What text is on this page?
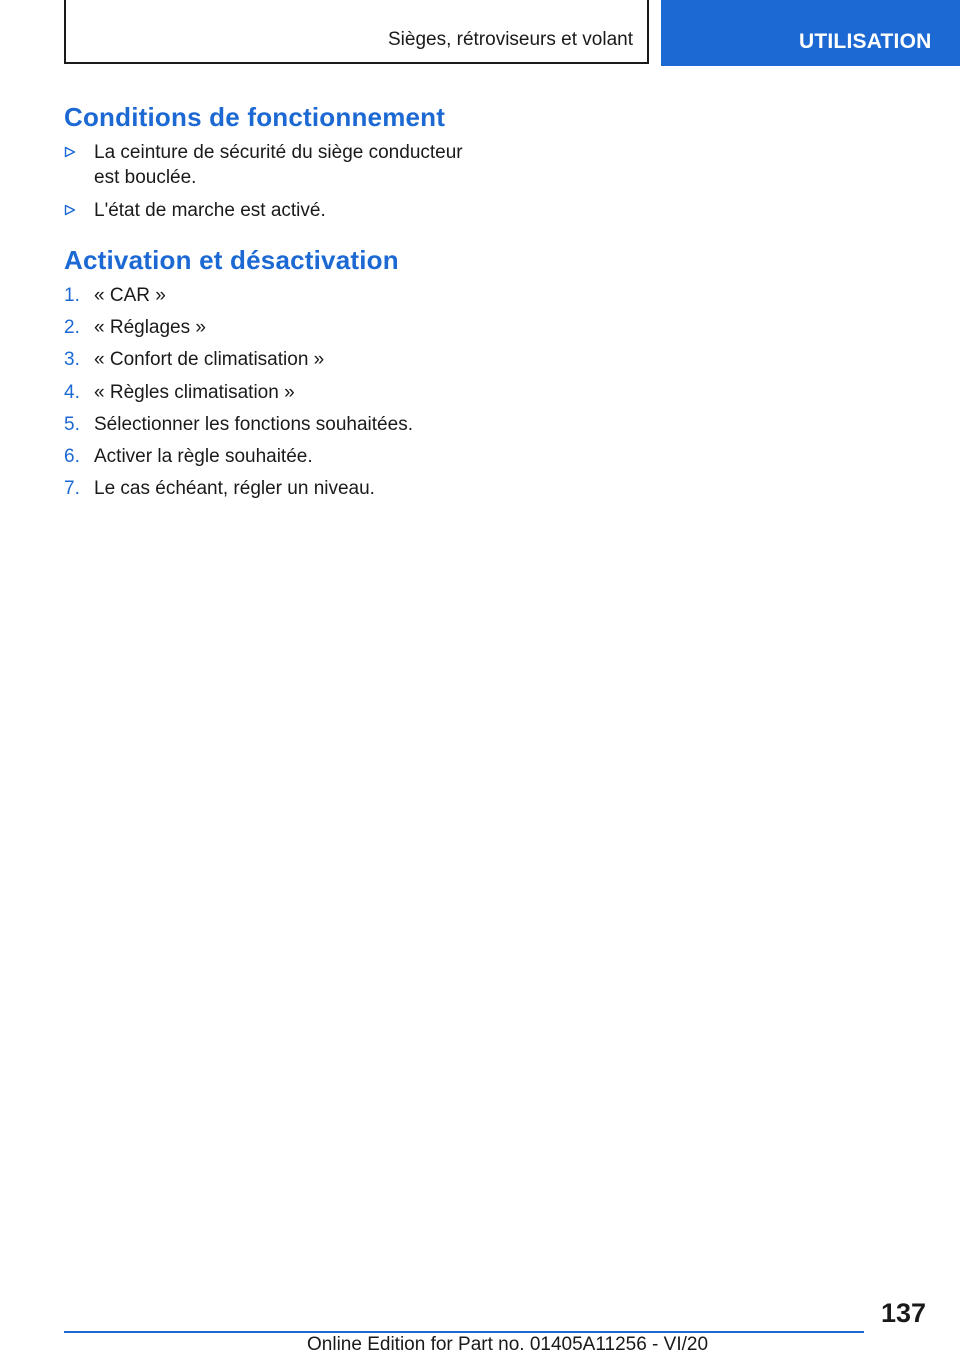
Sièges, rétroviseurs et volant	UTILISATION
Conditions de fonctionnement
La ceinture de sécurité du siège conducteur est bouclée.
L'état de marche est activé.
Activation et désactivation
1. « CAR »
2. « Réglages »
3. « Confort de climatisation »
4. « Règles climatisation »
5. Sélectionner les fonctions souhaitées.
6. Activer la règle souhaitée.
7. Le cas échéant, régler un niveau.
137
Online Edition for Part no. 01405A11256 - VI/20
